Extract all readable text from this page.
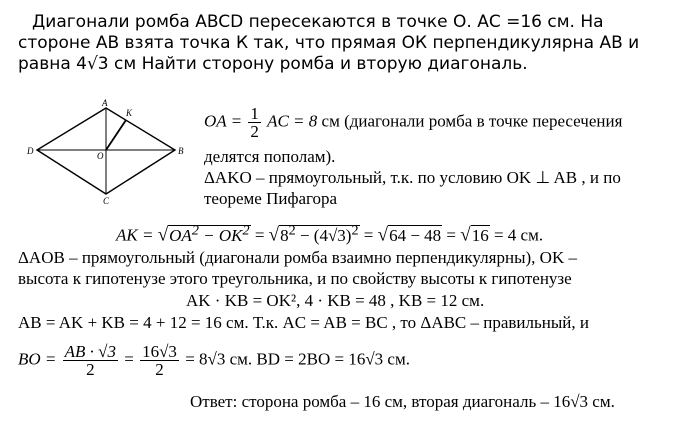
Диагонали ромба ABCD пересекаются в точке О. АС =16 см. На стороне АВ взята точка К так, что прямая ОК перпендикулярна АВ и равна 4√3 см Найти сторону ромба и вторую диагональ.
A
K
D	B
O
C
OA = $\frac{1}{2}$ AC = 8 см (диагонали ромба в точке пересечения
делятся пополам).
ΔAKO – прямоугольный, т.к. по условию OK ⊥ AB , и по
теореме Пифагора
AK = $√OA^2 - OK^2 = √8^2 - (4√3)^2 = √64 - 48 = √16 = 4$ см.
ΔAOB – прямоугольный (диагонали ромба взаимно перпендикулярны), OK –
высота к гипотенузе этого треугольника, и по свойству высоты к гипотенузе
AK · KB = OK², 4 · KB = 48 , KB = 12 см.
AB = AK + KB = 4 + 12 = 16 см. Т.к. AC = AB = BC , то ΔABC – правильный, и
BO = $\frac{AB \cdot √3}{2} = \frac{16√3}{2} = 8√3$ см. BD = 2BO = 16√3 см.
Ответ: сторона ромба – 16 см, вторая диагональ – 16√3 см.
